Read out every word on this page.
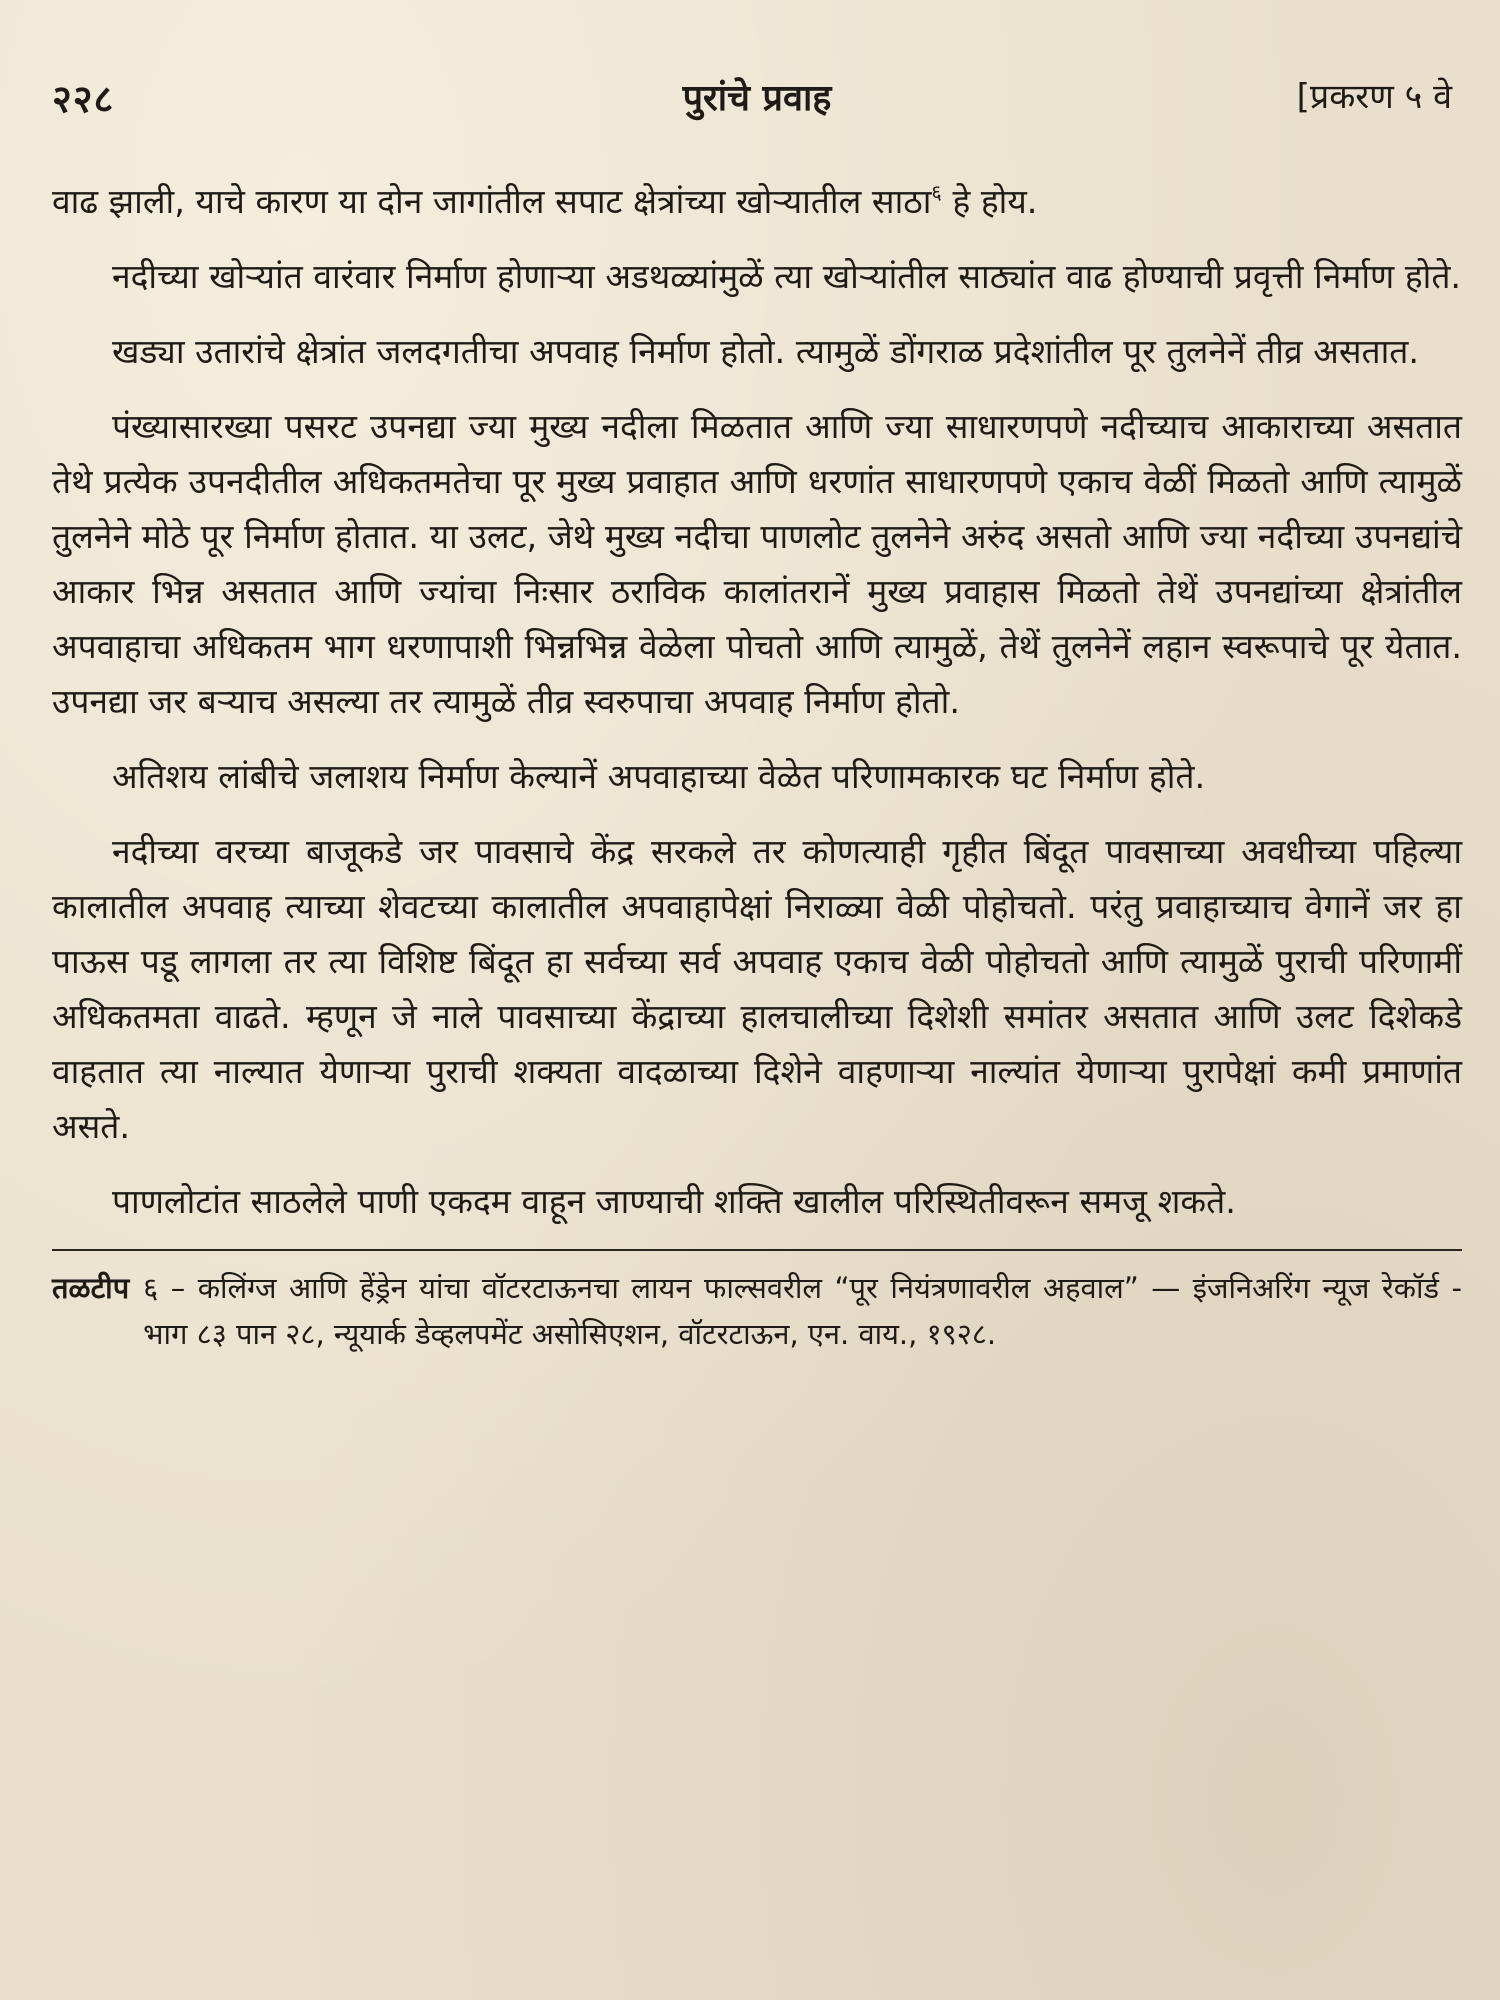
२२८	पुरांचे प्रवाह	[प्रकरण ५ वे

वाढ झाली, याचे कारण या दोन जागांतील सपाट क्षेत्रांच्या खोऱ्यातील साठा$^६$ हे होय.

नदीच्या खोऱ्यांत वारंवार निर्माण होणाऱ्या अडथळ्यांमुळें त्या खोऱ्यांतील साठ्यांत वाढ होण्याची प्रवृत्ती निर्माण होते.

खड्या उतारांचे क्षेत्रांत जलदगतीचा अपवाह निर्माण होतो. त्यामुळें डोंगराळ प्रदेशांतील पूर तुलनेनें तीव्र असतात.

पंख्यासारख्या पसरट उपनद्या ज्या मुख्य नदीला मिळतात आणि ज्या साधारणपणे नदीच्याच आकाराच्या असतात तेथे प्रत्येक उपनदीतील अधिकतमतेचा पूर मुख्य प्रवाहात आणि धरणांत साधारणपणे एकाच वेळीं मिळतो आणि त्यामुळें तुलनेने मोठे पूर निर्माण होतात. या उलट, जेथे मुख्य नदीचा पाणलोट तुलनेने अरुंद असतो आणि ज्या नदीच्या उपनद्यांचे आकार भिन्न असतात आणि ज्यांचा निःसार ठराविक कालांतरानें मुख्य प्रवाहास मिळतो तेथें उपनद्यांच्या क्षेत्रांतील अपवाहाचा अधिकतम भाग धरणापाशी भिन्नभिन्न वेळेला पोचतो आणि त्यामुळें, तेथें तुलनेनें लहान स्वरूपाचे पूर येतात. उपनद्या जर बऱ्याच असल्या तर त्यामुळें तीव्र स्वरुपाचा अपवाह निर्माण होतो.

अतिशय लांबीचे जलाशय निर्माण केल्यानें अपवाहाच्या वेळेत परिणामकारक घट निर्माण होते.

नदीच्या वरच्या बाजूकडे जर पावसाचे केंद्र सरकले तर कोणत्याही गृहीत बिंदूत पावसाच्या अवधीच्या पहिल्या कालातील अपवाह त्याच्या शेवटच्या कालातील अपवाहापेक्षां निराळ्या वेळी पोहोचतो. परंतु प्रवाहाच्याच वेगानें जर हा पाऊस पडू लागला तर त्या विशिष्ट बिंदूत हा सर्वच्या सर्व अपवाह एकाच वेळी पोहोचतो आणि त्यामुळें पुराची परिणामीं अधिकतमता वाढते. म्हणून जे नाले पावसाच्या केंद्राच्या हालचालीच्या दिशेशी समांतर असतात आणि उलट दिशेकडे वाहतात त्या नाल्यात येणाऱ्या पुराची शक्यता वादळाच्या दिशेने वाहणाऱ्या नाल्यांत येणाऱ्या पुरापेक्षां कमी प्रमाणांत असते.

पाणलोटांत साठलेले पाणी एकदम वाहून जाण्याची शक्ति खालील परिस्थितीवरून समजू शकते.

तळटीप ६ – कलिंग्ज आणि हेंड्रेन यांचा वॉटरटाऊनचा लायन फाल्सवरील “पूर नियंत्रणावरील अहवाल” — इंजनिअरिंग न्यूज रेकॉर्ड - भाग ८३ पान २८, न्यूयार्क डेव्हलपमेंट असोसिएशन, वॉटरटाऊन, एन. वाय., १९२८.
